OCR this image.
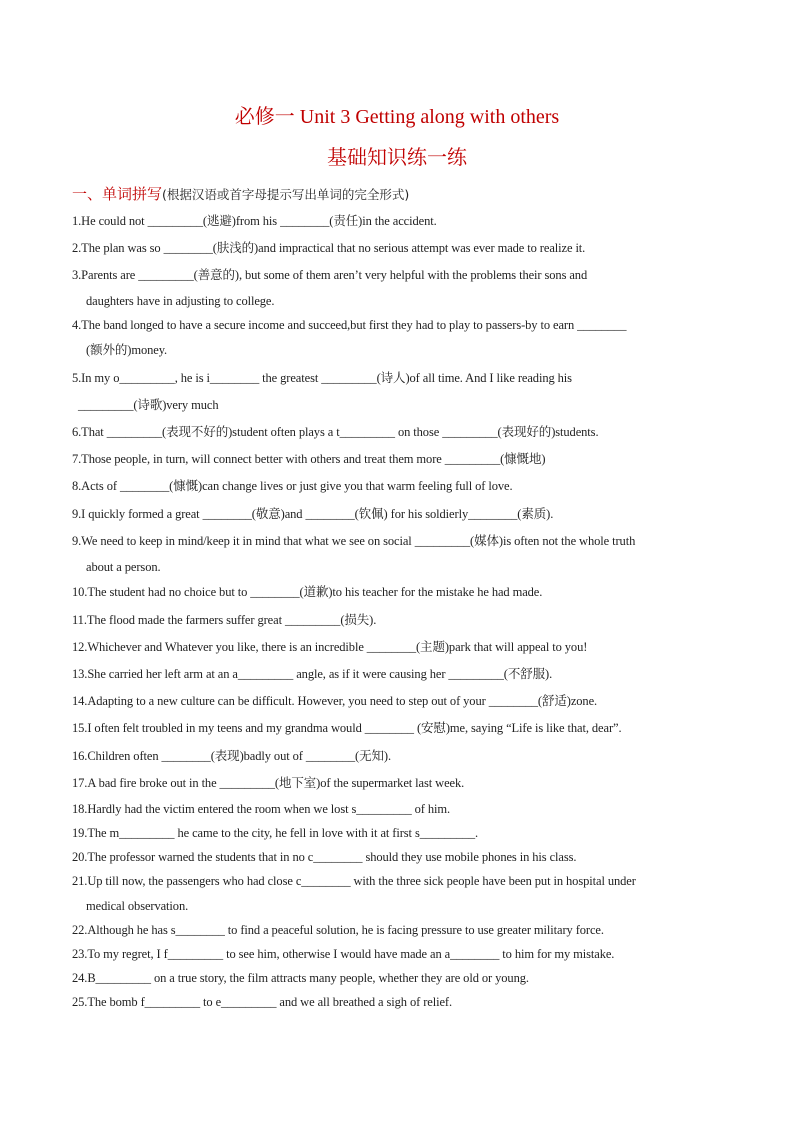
必修一 Unit 3 Getting along with others
基础知识练一练
一、单词拼写(根据汉语或首字母提示写出单词的完全形式)
1.He could not _________(逃避)from his ________(责任)in the accident.
2.The plan was so ________(肤浅的)and impractical that no serious attempt was ever made to realize it.
3.Parents are _________(善意的), but some of them aren’t very helpful with the problems their sons and
daughters have in adjusting to college.
4.The band longed to have a secure income and succeed,but first they had to play to passers-by to earn ________
(额外的)money.
5.In my o_________, he is i________ the greatest _________(诗人)of all time. And I like reading his
_________(诗歌)very much
6.That _________(表现不好的)student often plays a t_________ on those _________(表现好的)students.
7.Those people, in turn, will connect better with others and treat them more _________(慷慨地)
8.Acts of ________(慷慨)can change lives or just give you that warm feeling full of love.
9.I quickly formed a great ________(敬意)and ________(钦佩) for his soldierly________(素质).
9.We need to keep in mind/keep it in mind that what we see on social _________(媒体)is often not the whole truth
about a person.
10.The student had no choice but to ________(道歉)to his teacher for the mistake he had made.
11.The flood made the farmers suffer great _________(损失).
12.Whichever and Whatever you like, there is an incredible ________(主题)park that will appeal to you!
13.She carried her left arm at an a_________ angle, as if it were causing her _________(不舒服).
14.Adapting to a new culture can be difficult. However, you need to step out of your ________(舒适)zone.
15.I often felt troubled in my teens and my grandma would ________ (安慰)me, saying “Life is like that, dear”.
16.Children often ________(表现)badly out of ________(无知).
17.A bad fire broke out in the _________(地下室)of the supermarket last week.
18.Hardly had the victim entered the room when we lost s_________ of him.
19.The m_________ he came to the city, he fell in love with it at first s_________.
20.The professor warned the students that in no c________ should they use mobile phones in his class.
21.Up till now, the passengers who had close c________ with the three sick people have been put in hospital under
medical observation.
22.Although he has s________ to find a peaceful solution, he is facing pressure to use greater military force.
23.To my regret, I f_________ to see him, otherwise I would have made an a________ to him for my mistake.
24.B_________ on a true story, the film attracts many people, whether they are old or young.
25.The bomb f_________ to e_________ and we all breathed a sigh of relief.
